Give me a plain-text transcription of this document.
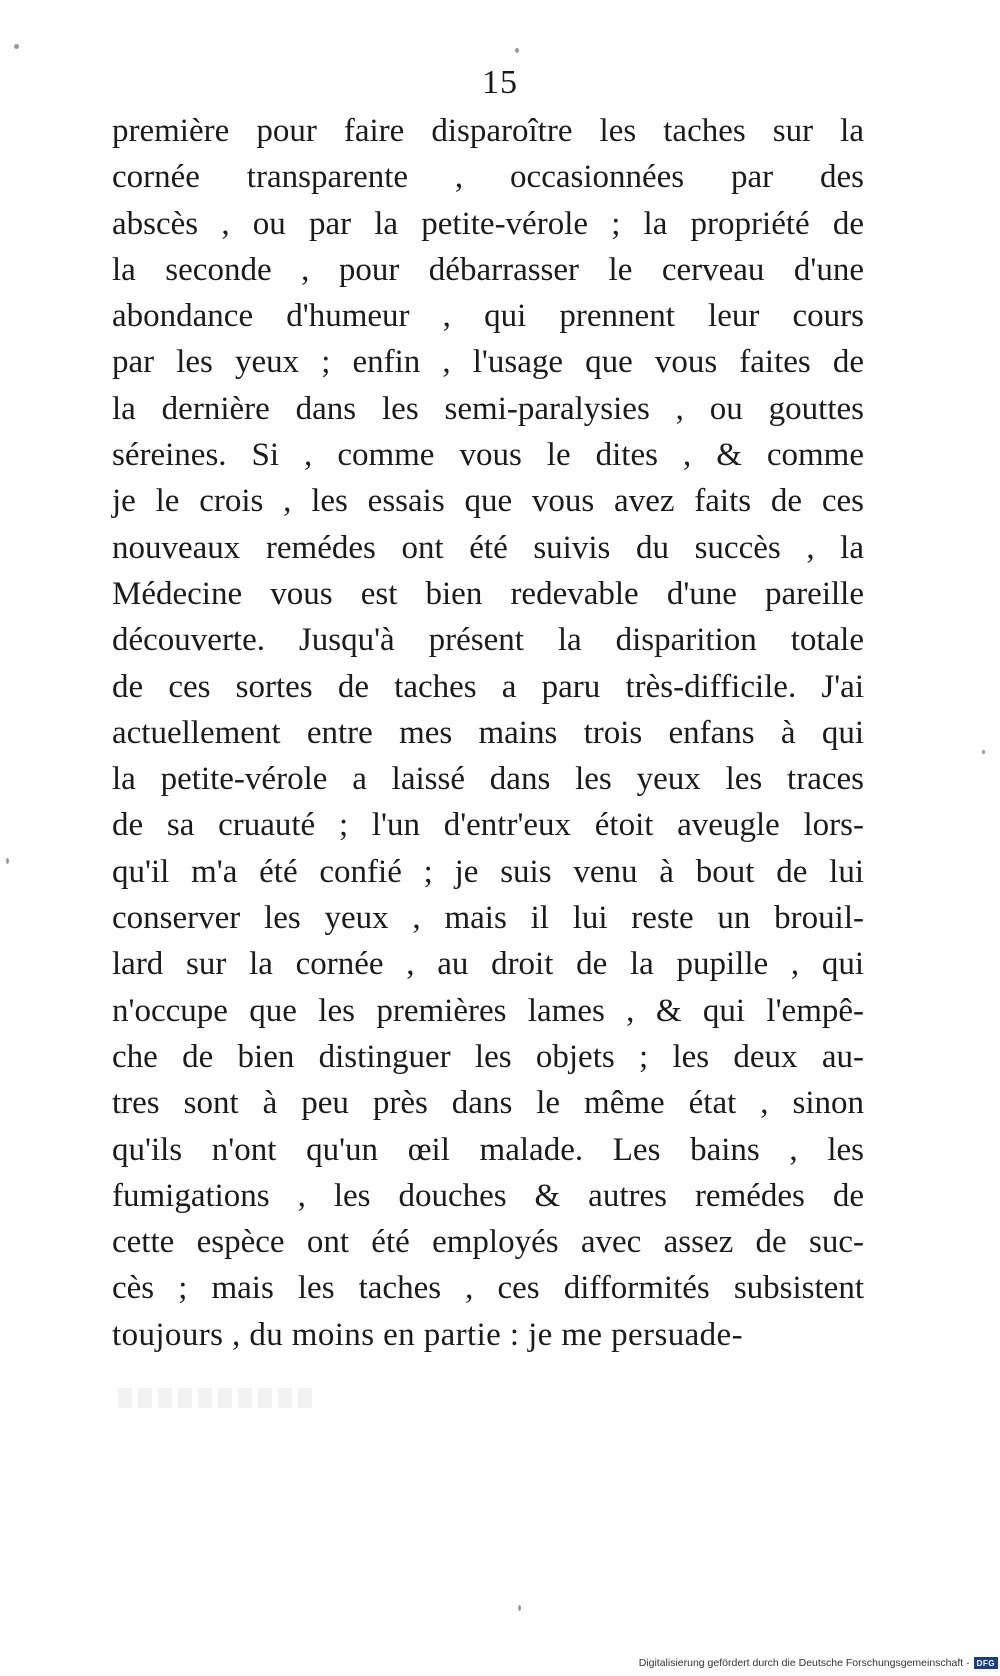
15
première pour faire disparoître les taches sur la
cornée transparente , occasionnées par des
abscès , ou par la petite-vérole ; la propriété de
la seconde , pour débarrasser le cerveau d'une
abondance d'humeur , qui prennent leur cours
par les yeux ; enfin , l'usage que vous faites de
la dernière dans les semi-paralysies , ou gouttes
séreines. Si , comme vous le dites , & comme
je le crois , les essais que vous avez faits de ces
nouveaux remédes ont été suivis du succès , la
Médecine vous est bien redevable d'une pareille
découverte. Jusqu'à présent la disparition totale
de ces sortes de taches a paru très-difficile. J'ai
actuellement entre mes mains trois enfans à qui
la petite-vérole a laissé dans les yeux les traces
de sa cruauté ; l'un d'entr'eux étoit aveugle lors-
qu'il m'a été confié ; je suis venu à bout de lui
conserver les yeux , mais il lui reste un brouil-
lard sur la cornée , au droit de la pupille , qui
n'occupe que les premières lames , & qui l'empê-
che de bien distinguer les objets ; les deux au-
tres sont à peu près dans le même état , sinon
qu'ils n'ont qu'un œil malade. Les bains , les
fumigations , les douches & autres remédes de
cette espèce ont été employés avec assez de suc-
cès ; mais les taches , ces difformités subsistent
toujours , du moins en partie : je me persuade-
Digitalisierung gefördert durch die Deutsche Forschungsgemeinschaft - DFG
